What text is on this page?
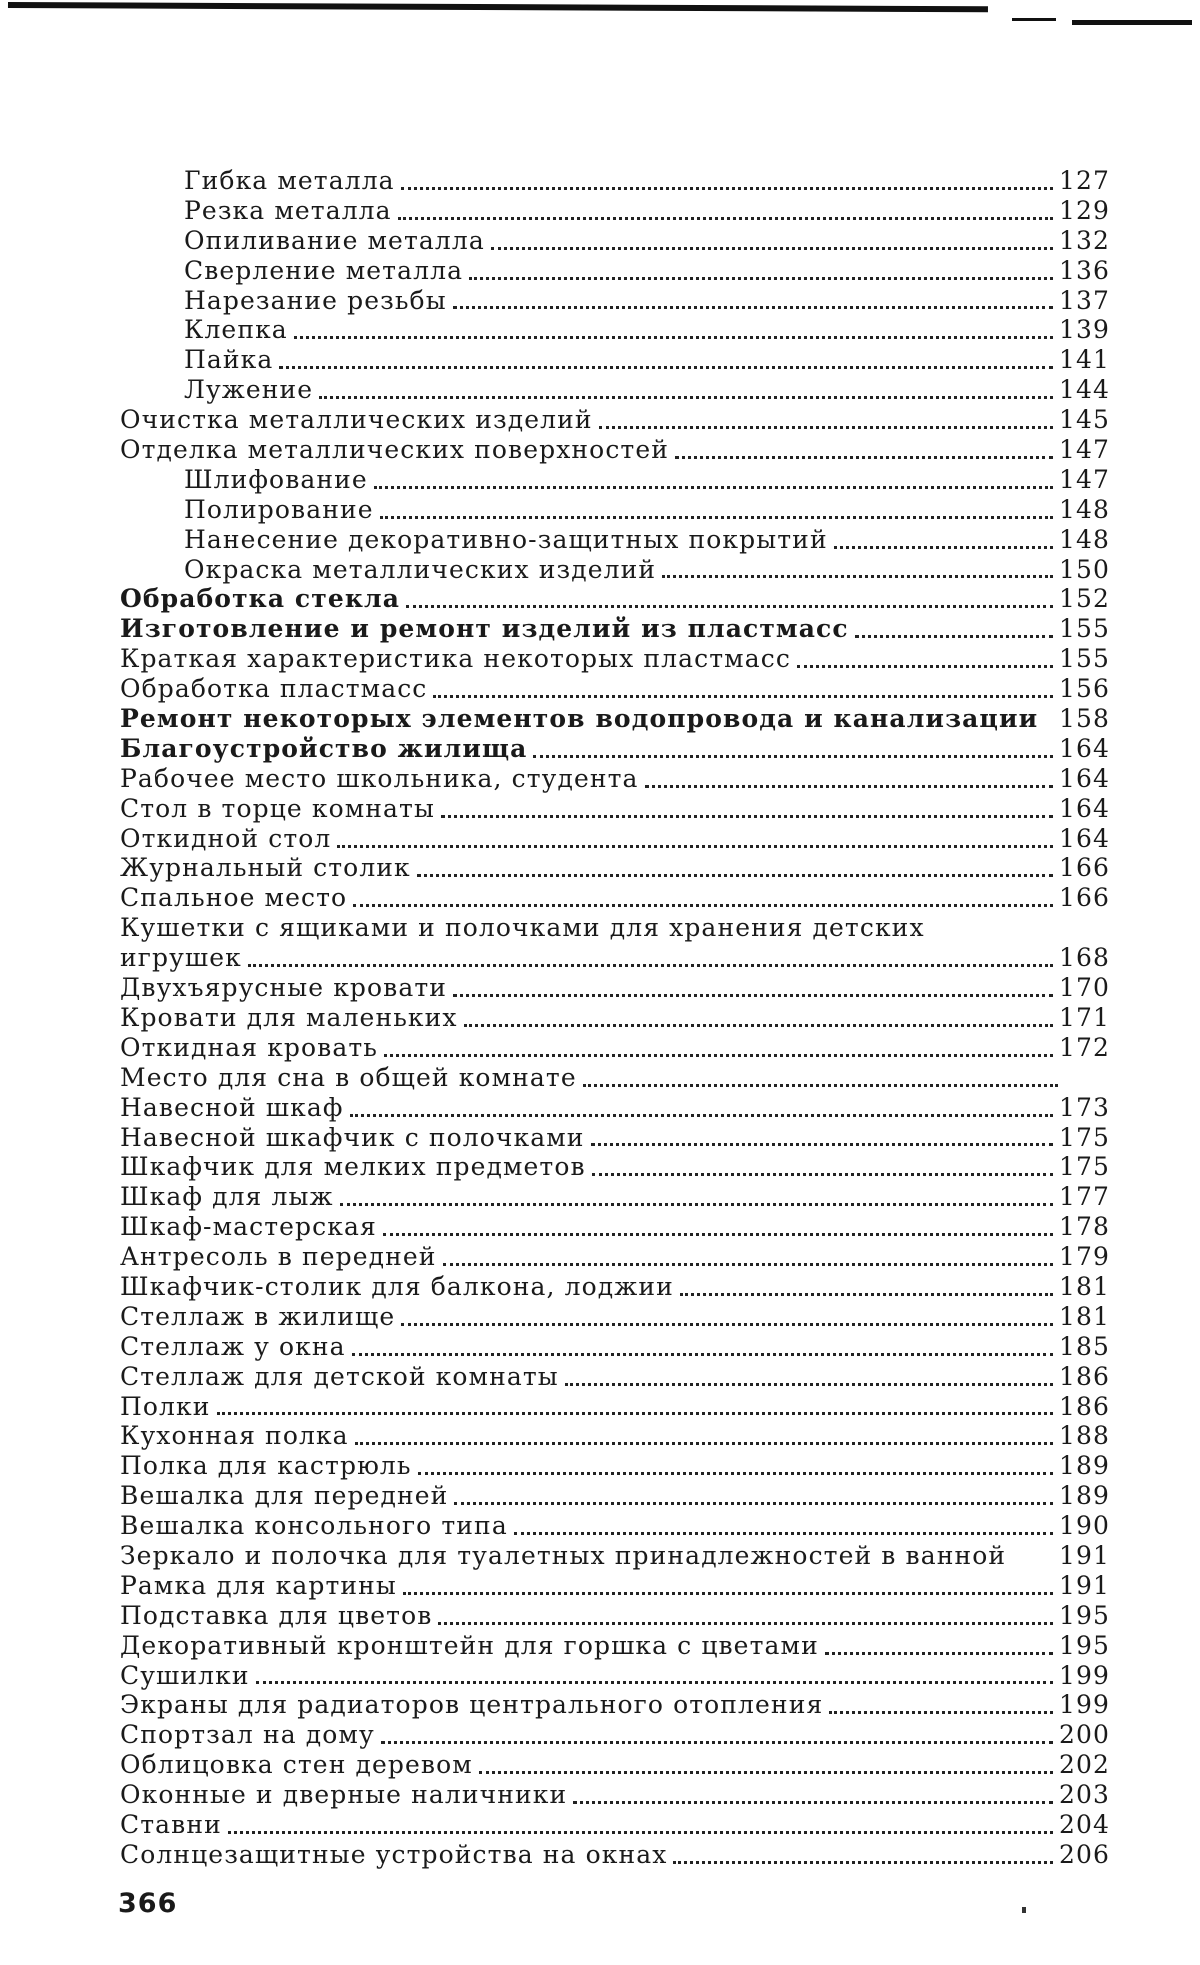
Гибка металла	127
Резка металла	129
Опиливание металла	132
Сверление металла	136
Нарезание резьбы	137
Клепка	139
Пайка	141
Лужение	144
Очистка металлических изделий	145
Отделка металлических поверхностей	147
Шлифование	147
Полирование	148
Нанесение декоративно-защитных покрытий	148
Окраска металлических изделий	150
Обработка стекла	152
Изготовление и ремонт изделий из пластмасс	155
Краткая характеристика некоторых пластмасс	155
Обработка пластмасс	156
Ремонт некоторых элементов водопровода и канализации 158
Благоустройство жилища	164
Рабочее место школьника, студента	164
Стол в торце комнаты	164
Откидной стол	164
Журнальный столик	166
Спальное место	166
Кушетки с ящиками и полочками для хранения детских
игрушек	168
Двухъярусные кровати	170
Кровати для маленьких	171
Откидная кровать	172
Место для сна в общей комнате
Навесной шкаф	173
Навесной шкафчик с полочками	175
Шкафчик для мелких предметов	175
Шкаф для лыж	177
Шкаф-мастерская	178
Антресоль в передней	179
Шкафчик-столик для балкона, лоджии	181
Стеллаж в жилище	181
Стеллаж у окна	185
Стеллаж для детской комнаты	186
Полки	186
Кухонная полка	188
Полка для кастрюль	189
Вешалка для передней	189
Вешалка консольного типа	190
Зеркало и полочка для туалетных принадлежностей в ванной 191
Рамка для картины	191
Подставка для цветов	195
Декоративный кронштейн для горшка с цветами	195
Сушилки	199
Экраны для радиаторов центрального отопления	199
Спортзал на дому	200
Облицовка стен деревом	202
Оконные и дверные наличники	203
Ставни	204
Солнцезащитные устройства на окнах	206
366
